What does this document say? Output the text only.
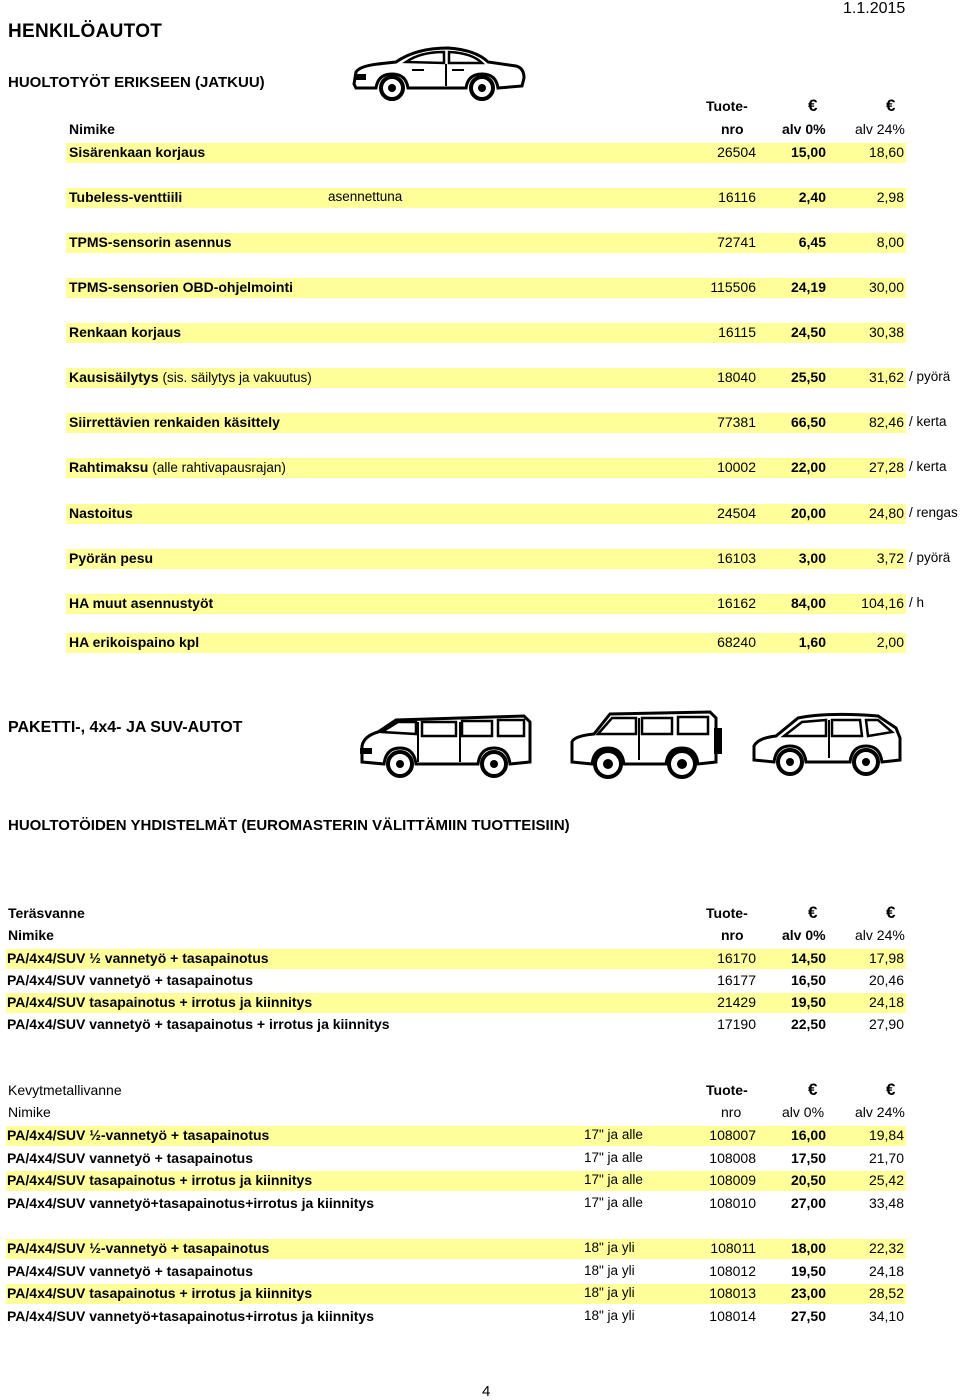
HENKILÖAUTOT
1.1.2015
HUOLTOTYÖT ERIKSEEN (JATKUU)
Tuote-	€	€
Nimike	nro	alv 0% alv 24%
Sisärenkaan korjaus	26504 15,00	18,60
Tubeless-venttiili	asennettuna	16116	2,40	2,98
TPMS-sensorin asennus	72741	6,45	8,00
TPMS-sensorien OBD-ohjelmointi	115506 24,19	30,00
Renkaan korjaus	16115 24,50	30,38
Kausisäilytys (sis. säilytys ja vakuutus)	18040 25,50	31,62 / pyörä
Siirrettävien renkaiden käsittely	77381 66,50	82,46 / kerta
Rahtimaksu (alle rahtivapausrajan)	10002 22,00	27,28 / kerta
Nastoitus	24504 20,00	24,80 / rengas
Pyörän pesu	16103	3,00	3,72 / pyörä
HA muut asennustyöt	16162 84,00	104,16 / h
HA erikoispaino kpl	68240	1,60	2,00
PAKETTI-, 4x4- JA SUV-AUTOT
HUOLTOTÖIDEN YHDISTELMÄT (EUROMASTERIN VÄLITTÄMIIN TUOTTEISIIN)
Teräsvanne	Tuote-	€	€
Nimike	nro	alv 0% alv 24%
PA/4x4/SUV ½ vannetyö + tasapainotus	16170 14,50	17,98
PA/4x4/SUV vannetyö + tasapainotus	16177 16,50	20,46
PA/4x4/SUV tasapainotus + irrotus ja kiinnitys	21429 19,50	24,18
PA/4x4/SUV vannetyö + tasapainotus + irrotus ja kiinnitys	17190 22,50	27,90
Kevytmetallivanne	Tuote-	€	€
Nimike	nro	alv 0% alv 24%
PA/4x4/SUV ½-vannetyö + tasapainotus	17" ja alle	108007 16,00	19,84
PA/4x4/SUV vannetyö + tasapainotus	17" ja alle	108008 17,50	21,70
PA/4x4/SUV tasapainotus + irrotus ja kiinnitys	17" ja alle	108009 20,50	25,42
PA/4x4/SUV vannetyö+tasapainotus+irrotus ja kiinnitys	17" ja alle	108010 27,00	33,48
PA/4x4/SUV ½-vannetyö + tasapainotus	18" ja yli	108011 18,00	22,32
PA/4x4/SUV vannetyö + tasapainotus	18" ja yli	108012 19,50	24,18
PA/4x4/SUV tasapainotus + irrotus ja kiinnitys	18" ja yli	108013 23,00	28,52
PA/4x4/SUV vannetyö+tasapainotus+irrotus ja kiinnitys	18" ja yli	108014 27,50	34,10
4
